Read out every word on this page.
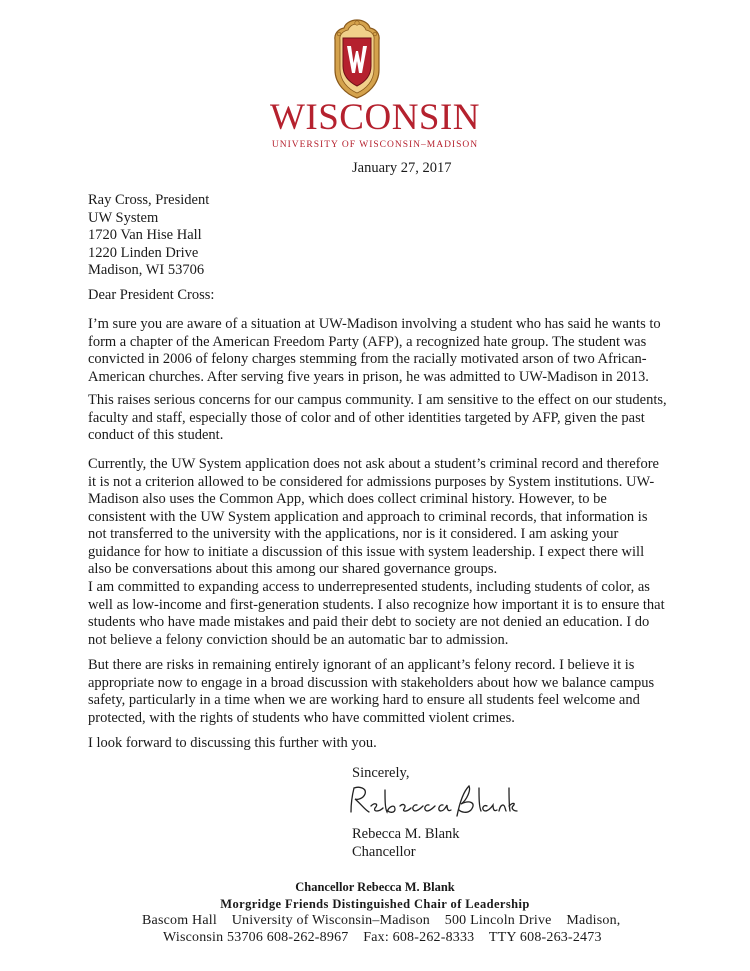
WISCONSIN
UNIVERSITY OF WISCONSIN–MADISON
January 27, 2017
Ray Cross, President
UW System
1720 Van Hise Hall
1220 Linden Drive
Madison, WI 53706
Dear President Cross:
I’m sure you are aware of a situation at UW-Madison involving a student who has said he wants to form a chapter of the American Freedom Party (AFP), a recognized hate group. The student was convicted in 2006 of felony charges stemming from the racially motivated arson of two African-American churches. After serving five years in prison, he was admitted to UW-Madison in 2013.
This raises serious concerns for our campus community. I am sensitive to the effect on our students, faculty and staff, especially those of color and of other identities targeted by AFP, given the past conduct of this student.
Currently, the UW System application does not ask about a student’s criminal record and therefore it is not a criterion allowed to be considered for admissions purposes by System institutions. UW-Madison also uses the Common App, which does collect criminal history. However, to be consistent with the UW System application and approach to criminal records, that information is not transferred to the university with the applications, nor is it considered. I am asking your guidance for how to initiate a discussion of this issue with system leadership. I expect there will also be conversations about this among our shared governance groups.
I am committed to expanding access to underrepresented students, including students of color, as well as low-income and first-generation students. I also recognize how important it is to ensure that students who have made mistakes and paid their debt to society are not denied an education. I do not believe a felony conviction should be an automatic bar to admission.
But there are risks in remaining entirely ignorant of an applicant’s felony record. I believe it is appropriate now to engage in a broad discussion with stakeholders about how we balance campus safety, particularly in a time when we are working hard to ensure all students feel welcome and protected, with the rights of students who have committed violent crimes.
I look forward to discussing this further with you.
Sincerely,
Rebecca Blank
Rebecca M. Blank
Chancellor
Chancellor Rebecca M. Blank
Morgridge Friends Distinguished Chair of Leadership
Bascom Hall    University of Wisconsin–Madison    500 Lincoln Drive    Madison,
Wisconsin 53706 608-262-8967    Fax: 608-262-8333    TTY 608-263-2473
